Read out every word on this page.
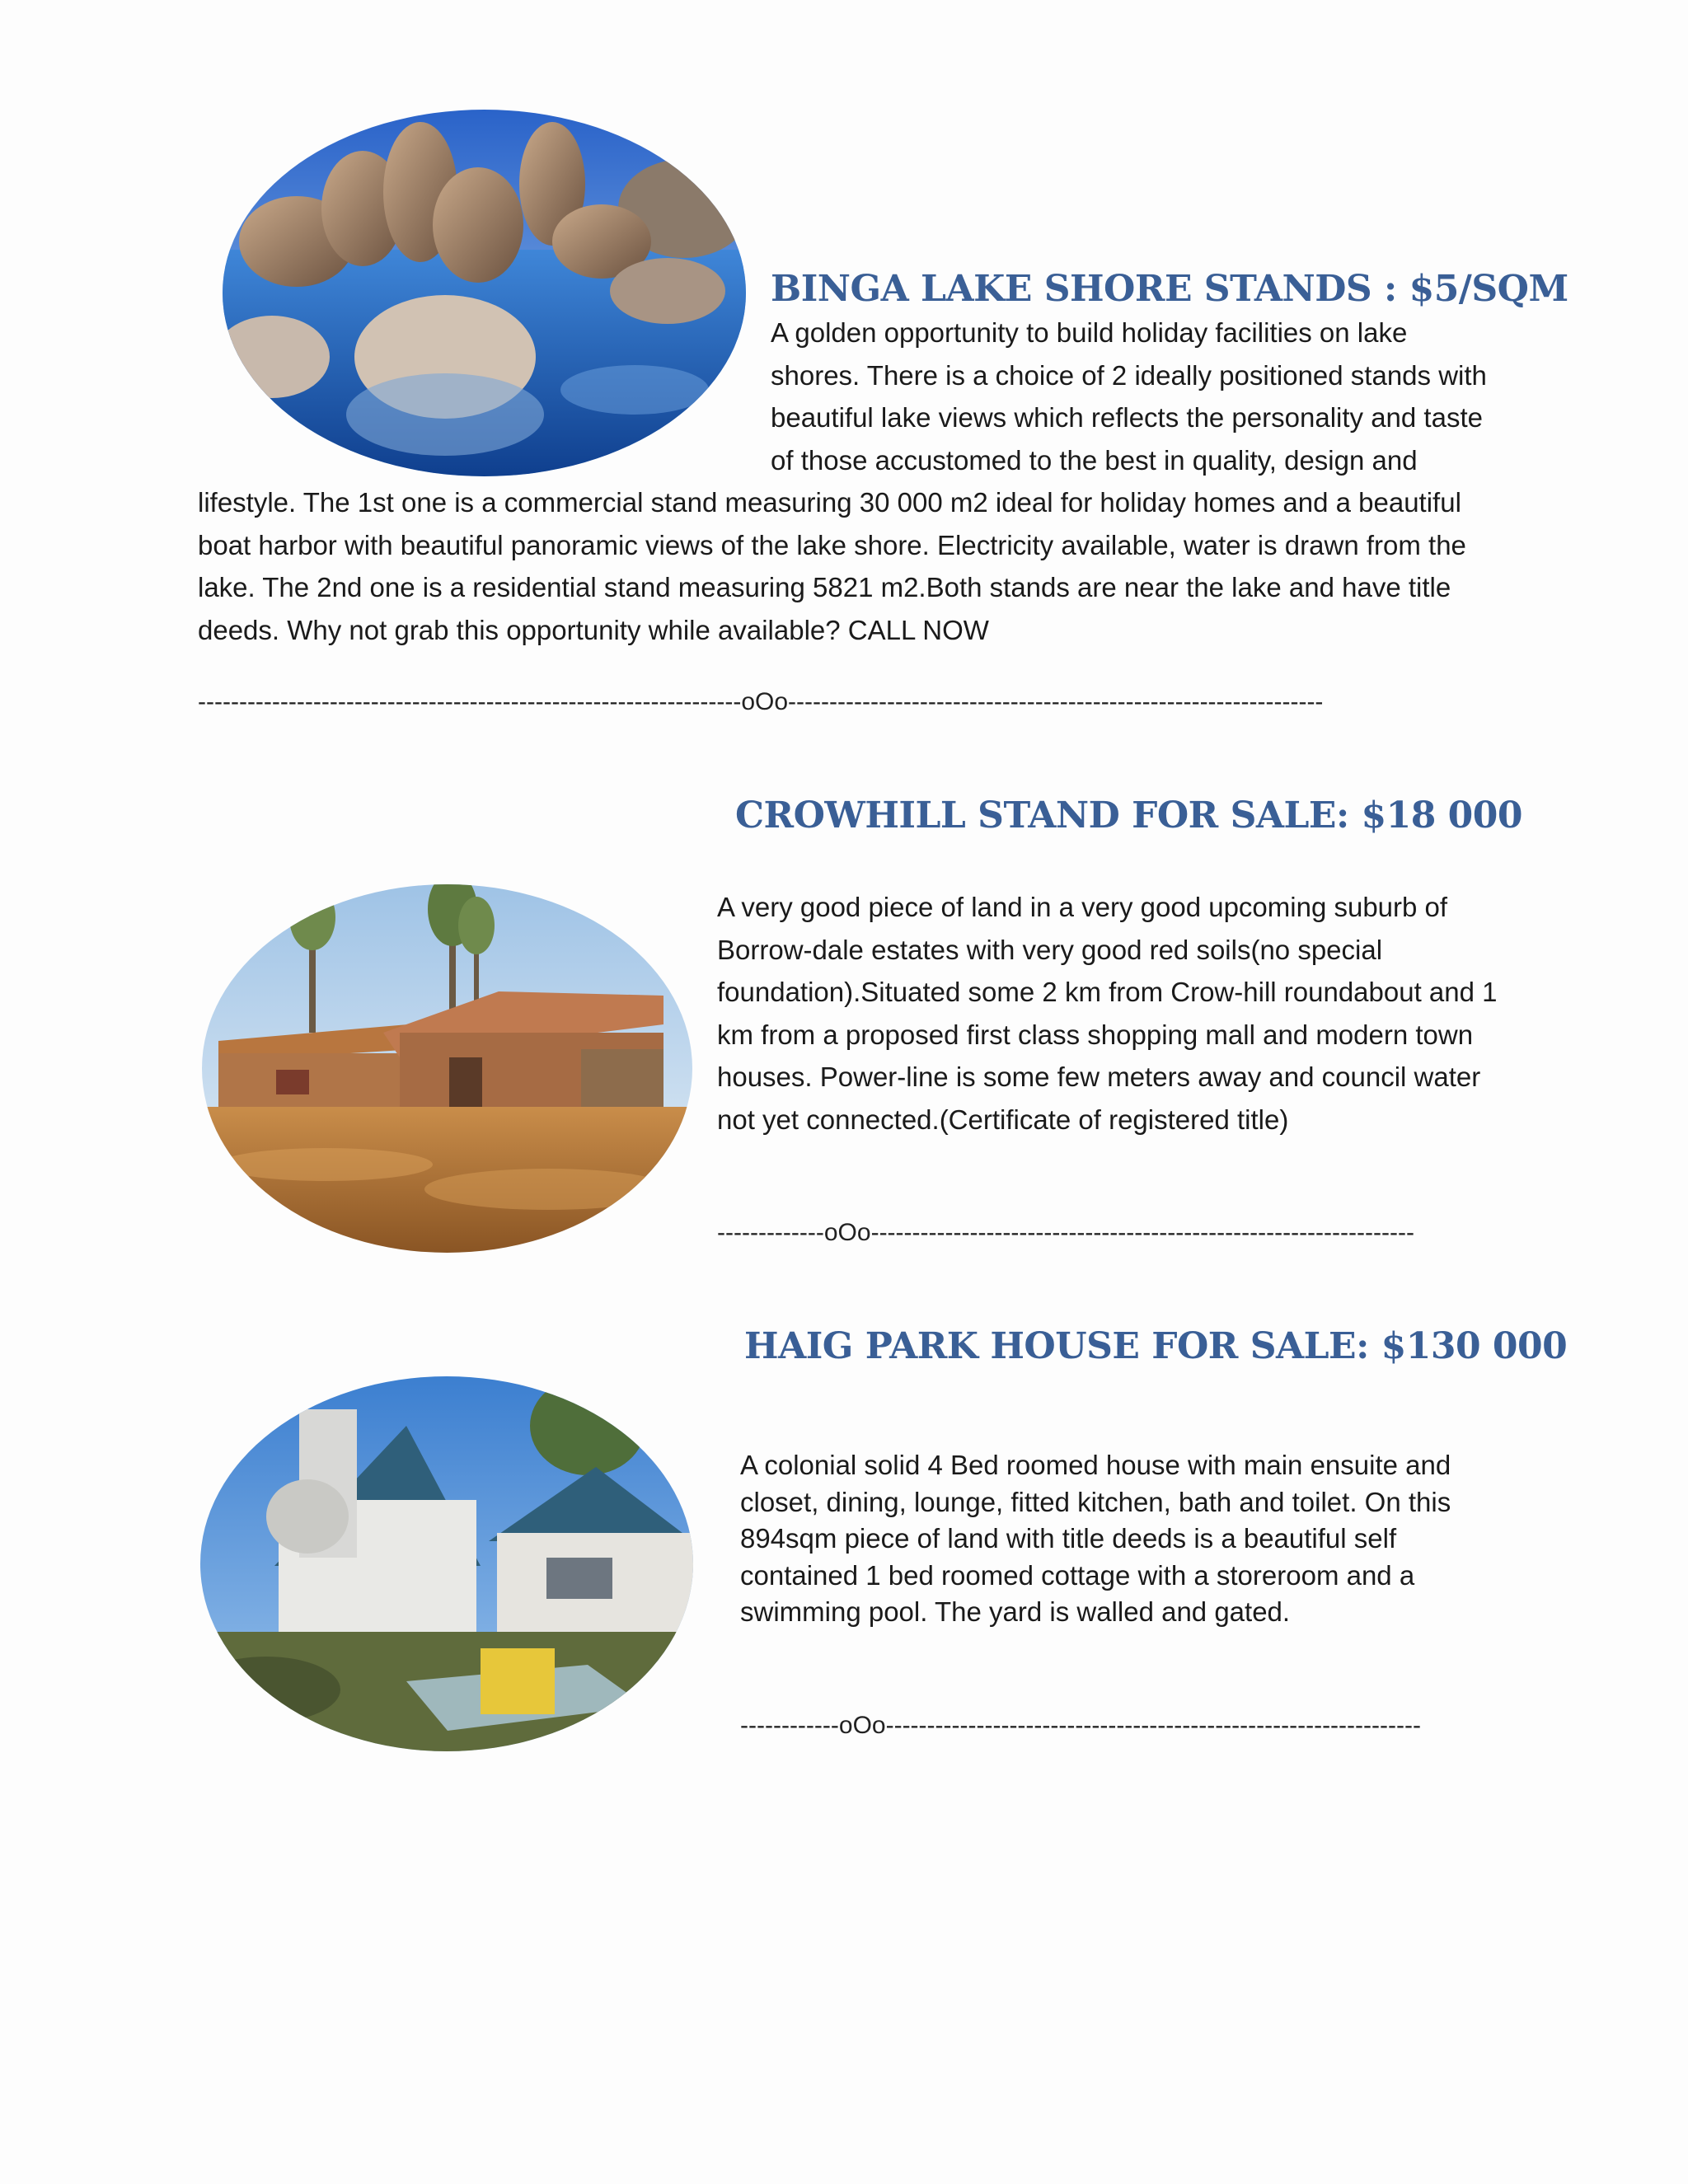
BINGA LAKE SHORE STANDS : $5/SQM

A golden opportunity to build holiday facilities on lake shores. There is a choice of 2 ideally positioned stands with beautiful lake views which reflects the personality and taste of those accustomed to the best in quality, design and lifestyle. The 1st one is a commercial stand measuring 30 000 m2 ideal for holiday homes and a beautiful boat harbor with beautiful panoramic views of the lake shore. Electricity available, water is drawn from the lake. The 2nd one is a residential stand measuring 5821 m2.Both stands are near the lake and have title deeds. Why not grab this opportunity while available? CALL NOW

------------------------------------------------------------------oOo-----------------------------------------------------------------

CROWHILL STAND FOR SALE: $18 000

A very good piece of land in a very good upcoming suburb of Borrow-dale estates with very good red soils(no special foundation).Situated some 2 km from Crow-hill roundabout and 1 km from a proposed first class shopping mall and modern town houses. Power-line is some few meters away and council water not yet connected.(Certificate of registered title)

-------------oOo------------------------------------------------------------------

HAIG PARK HOUSE FOR SALE: $130 000

A colonial solid 4 Bed roomed house with main ensuite and closet, dining, lounge, fitted kitchen, bath and toilet. On this 894sqm piece of land with title deeds is a beautiful self contained 1 bed roomed cottage with a storeroom and a swimming pool. The yard is walled and gated.

------------oOo-----------------------------------------------------------------
